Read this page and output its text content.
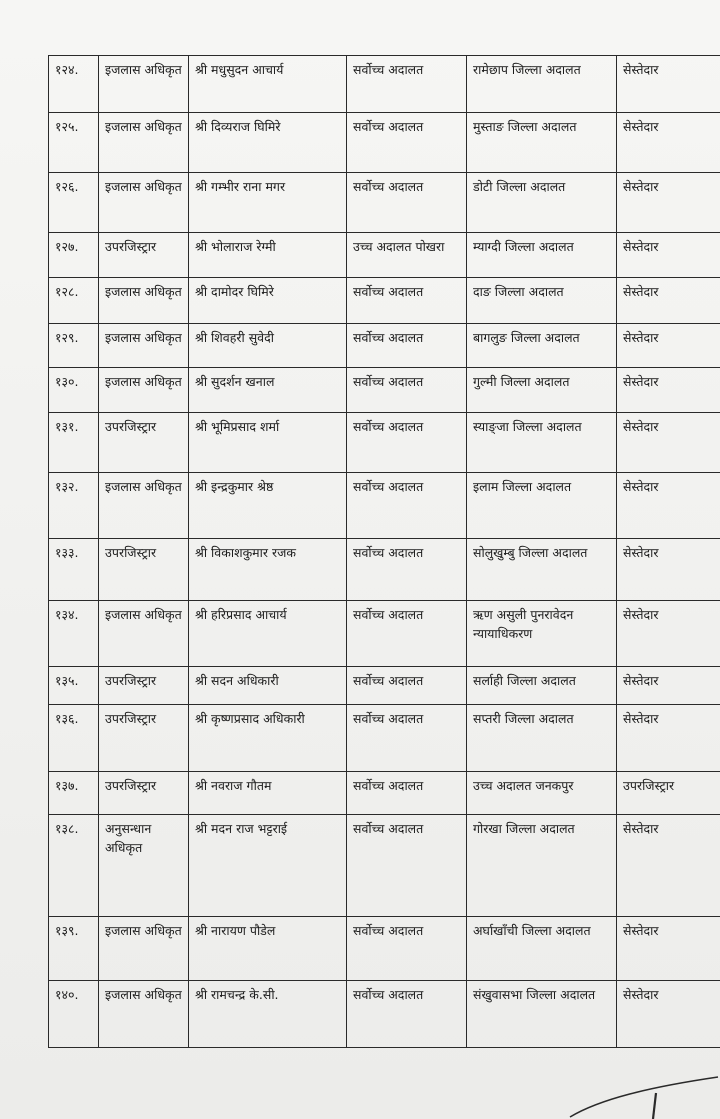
१२४.	इजलास अधिकृत	श्री मधुसुदन आचार्य	सर्वोच्च अदालत	रामेछाप जिल्ला अदालत	सेस्तेदार
१२५.	इजलास अधिकृत	श्री दिव्यराज घिमिरे	सर्वोच्च अदालत	मुस्ताङ जिल्ला अदालत	सेस्तेदार
१२६.	इजलास अधिकृत	श्री गम्भीर राना मगर	सर्वोच्च अदालत	डोटी जिल्ला अदालत	सेस्तेदार
१२७.	उपरजिस्ट्रार	श्री भोलाराज रेग्मी	उच्च अदालत पोखरा	म्याग्दी जिल्ला अदालत	सेस्तेदार
१२८.	इजलास अधिकृत	श्री दामोदर घिमिरे	सर्वोच्च अदालत	दाङ जिल्ला अदालत	सेस्तेदार
१२९.	इजलास अधिकृत	श्री शिवहरी सुवेदी	सर्वोच्च अदालत	बागलुङ जिल्ला अदालत	सेस्तेदार
१३०.	इजलास अधिकृत	श्री सुदर्शन खनाल	सर्वोच्च अदालत	गुल्मी जिल्ला अदालत	सेस्तेदार
१३१.	उपरजिस्ट्रार	श्री भूमिप्रसाद शर्मा	सर्वोच्च अदालत	स्याङ्जा जिल्ला अदालत	सेस्तेदार
१३२.	इजलास अधिकृत	श्री इन्द्रकुमार श्रेष्ठ	सर्वोच्च अदालत	इलाम जिल्ला अदालत	सेस्तेदार
१३३.	उपरजिस्ट्रार	श्री विकाशकुमार रजक	सर्वोच्च अदालत	सोलुखुम्बु जिल्ला अदालत	सेस्तेदार
१३४.	इजलास अधिकृत	श्री हरिप्रसाद आचार्य	सर्वोच्च अदालत	ऋण असुली पुनरावेदन न्यायाधिकरण	सेस्तेदार
१३५.	उपरजिस्ट्रार	श्री सदन अधिकारी	सर्वोच्च अदालत	सर्लाही जिल्ला अदालत	सेस्तेदार
१३६.	उपरजिस्ट्रार	श्री कृष्णप्रसाद अधिकारी	सर्वोच्च अदालत	सप्तरी जिल्ला अदालत	सेस्तेदार
१३७.	उपरजिस्ट्रार	श्री नवराज गौतम	सर्वोच्च अदालत	उच्च अदालत जनकपुर	उपरजिस्ट्रार
१३८.	अनुसन्धान अधिकृत	श्री मदन राज भट्टराई	सर्वोच्च अदालत	गोरखा जिल्ला अदालत	सेस्तेदार
१३९.	इजलास अधिकृत	श्री नारायण पौडेल	सर्वोच्च अदालत	अर्घाखाँची जिल्ला अदालत	सेस्तेदार
१४०.	इजलास अधिकृत	श्री रामचन्द्र के.सी.	सर्वोच्च अदालत	संखुवासभा जिल्ला अदालत	सेस्तेदार
